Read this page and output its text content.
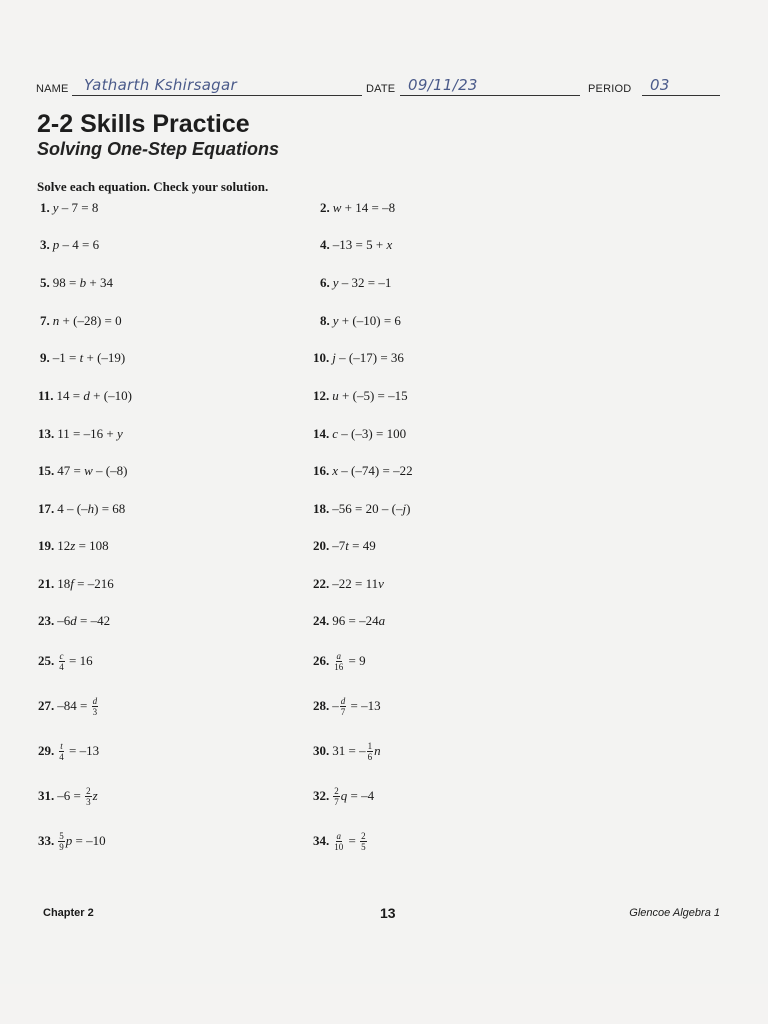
NAME Yatharth Kshirsagar	DATE 09/11/23	PERIOD 03
2-2 Skills Practice
Solving One-Step Equations
Solve each equation. Check your solution.
1. y – 7 = 8	2. w + 14 = –8
3. p – 4 = 6	4. –13 = 5 + x
5. 98 = b + 34	6. y – 32 = –1
7. n + (–28) = 0	8. y + (–10) = 6
9. –1 = t + (–19)	10. j – (–17) = 36
11. 14 = d + (–10)	12. u + (–5) = –15
13. 11 = –16 + y	14. c – (–3) = 100
15. 47 = w – (–8)	16. x – (–74) = –22
17. 4 – (– h ) = 68	18. –56 = 20 – (– j )
19. 12 z = 108	20. –7 t = 49
21. 18 f = –216	22. –22 = 11 v
23. –6 d = –42	24. 96 = –24 a
25. $\frac{c}{4} = 16$	26. $\frac{a}{16} = 9$
27. $-84 = \frac{d}{3}$	28. – $\frac{d}{7} = -13$
29. $\frac{t}{4} = -13$	30. 31 = – $\frac{1}{6}$ n
31. $-6 = \frac{2}{3}$ z	32. $\frac{2}{7}$ q = –4
33. $\frac{5}{9}$ p = –10	34. $\frac{a}{10} = \frac{2}{5}$
Chapter 2	13	Glencoe Algebra 1
